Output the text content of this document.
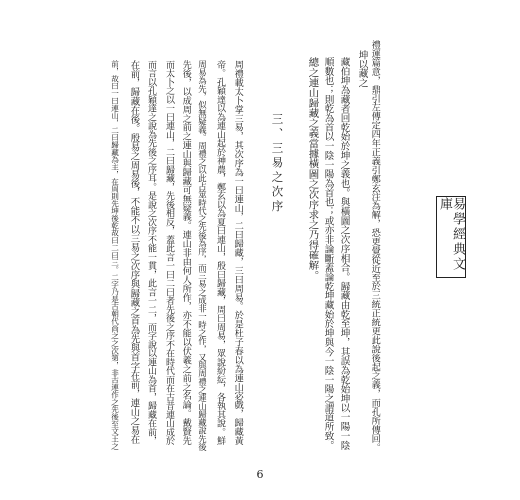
易學經典文庫
禮運篇意，鼎引左傳定四年正義引鄭玄注為解，恐更覺從近至於三統正統更此說後起之義，而孔所傳回。
坤以藏之
藏伯坤為藏者回乾始於坤之義也。與橫圖之次序相合。歸藏由乾至坤，其誤為乾始坤以一陽一陰
順數也；則乾為首以一陰一陽為首也；或亦非論斷蓋論乾坤藏始於坤與今一陰一陽之謂道所致。
總之連山歸藏之義當據橫圖之次序求之乃得確解。
三、三易之次序
周禮載太卜掌三易，其次序為一曰連山，二曰歸藏，三曰周易。於是杜子春以為連山宓戲，歸藏黃
帝。孔穎達以為連山起於神農，鄭玄以為夏曰連山，殷曰歸藏，周曰周易，眾說紛紜，各執其說。鮮
周易為先，似無疑義。周禮之以此占筮時代之先後為序，而三易之成非一時之作，又與周禮之連山歸藏說先後
先後，以成周之前之連山與歸藏可無疑義。連山非由何人所作，亦不能以伏羲之前之名論。戴賢先
而太卜之以一曰連山，二曰歸藏，先後相反，蓋此言一曰二曰者先後之序不在時代而在古昔連山成於
而言以孔穎達之說為先後之序耳。是說之次序不能一貫，此言一二，而字說以連山為首，歸藏在前，
在前，歸藏在後。殷易之周易後，不能不以三易之次序與歸藏之首為先與首字在前，連山之易在
前，故曰一曰連山，二曰歸藏為主，在周則先坤後乾故曰二曰三。二字乃是古朝代尚之之次第，非古連作之先後至文王之
6
